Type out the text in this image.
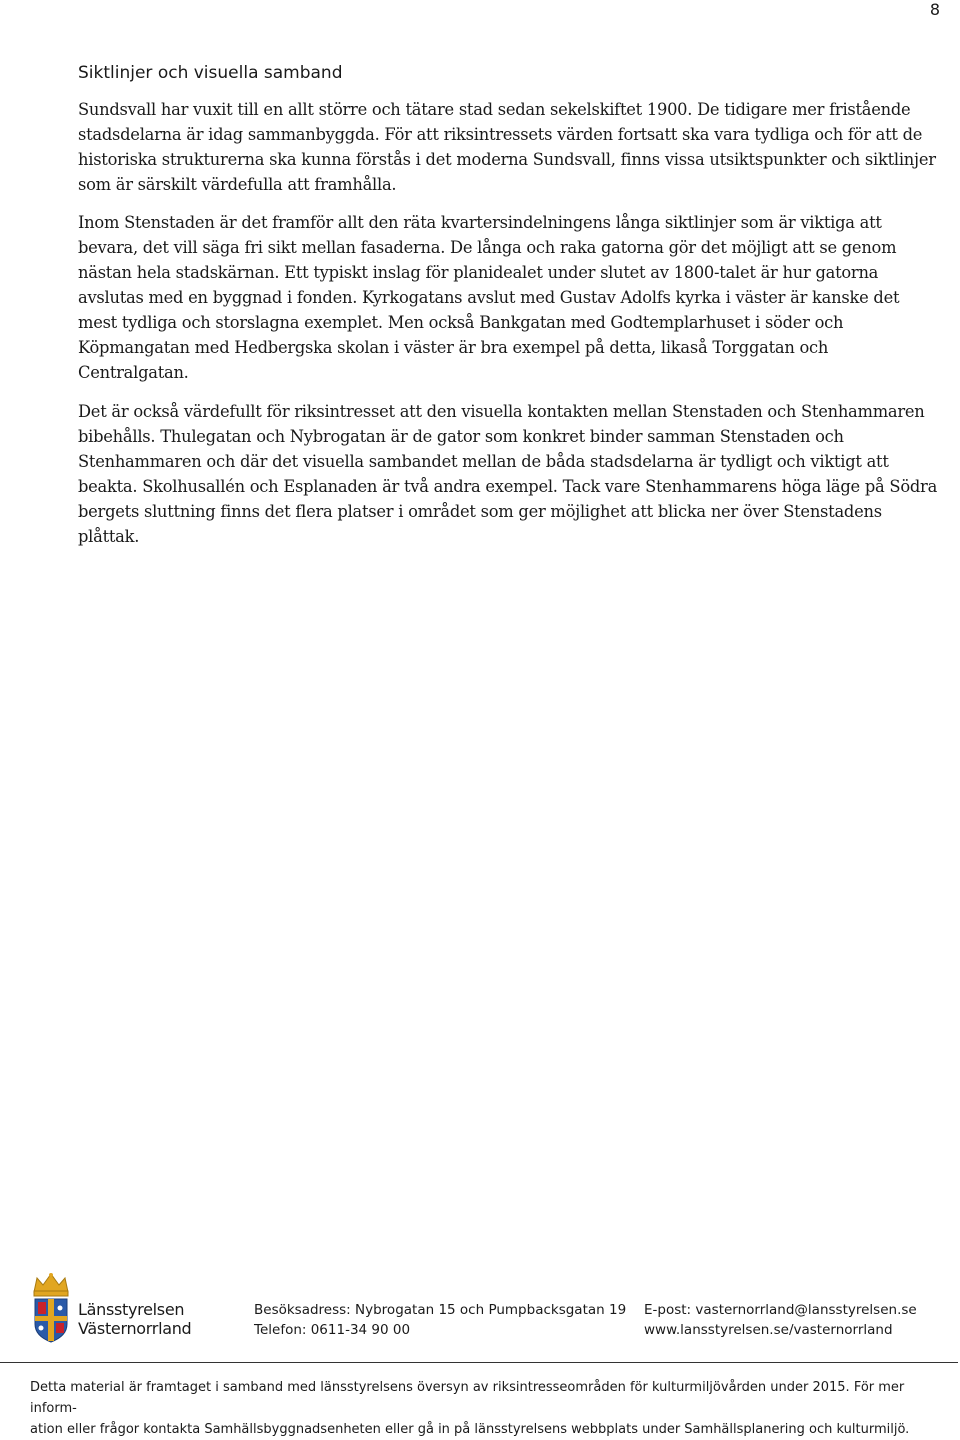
8
Siktlinjer och visuella samband

Sundsvall har vuxit till en allt större och tätare stad sedan sekelskiftet 1900. De tidigare mer fristående stadsdelarna är idag sammanbyggda. För att riksintressets värden fortsatt ska vara tydliga och för att de historiska strukturerna ska kunna förstås i det moderna Sundsvall, finns vissa utsiktspunkter och siktlinjer som är särskilt värdefulla att framhålla.

Inom Stenstaden är det framför allt den räta kvartersindelningens långa siktlinjer som är viktiga att bevara, det vill säga fri sikt mellan fasaderna. De långa och raka gatorna gör det möjligt att se genom nästan hela stadskärnan. Ett typiskt inslag för planidealet under slutet av 1800-talet är hur gatorna avslutas med en byggnad i fonden. Kyrkogatans avslut med Gustav Adolfs kyrka i väster är kanske det mest tydliga och storslagna exemplet. Men också Bankgatan med Godtemplarhuset i söder och Köpmangatan med Hedbergska skolan i väster är bra exempel på detta, likaså Torggatan och Centralgatan.

Det är också värdefullt för riksintresset att den visuella kontakten mellan Stenstaden och Stenhammaren bibehålls. Thulegatan och Nybrogatan är de gator som konkret binder samman Stenstaden och Stenhammaren och där det visuella sambandet mellan de båda stadsdelarna är tydligt och viktigt att beakta. Skolhusallén och Esplanaden är två andra exempel. Tack vare Stenhammarens höga läge på Södra bergets sluttning finns det flera platser i området som ger möjlighet att blicka ner över Stenstadens plåttak.

Länsstyrelsen
Västernorrland
Besöksadress: Nybrogatan 15 och Pumpbacksgatan 19
Telefon: 0611-34 90 00
E-post: vasternorrland@lansstyrelsen.se
www.lansstyrelsen.se/vasternorrland
Detta material är framtaget i samband med länsstyrelsens översyn av riksintresseområden för kulturmiljövården under 2015. För mer inform-
ation eller frågor kontakta Samhällsbyggnadsenheten eller gå in på länsstyrelsens webbplats under Samhällsplanering och kulturmiljö.
